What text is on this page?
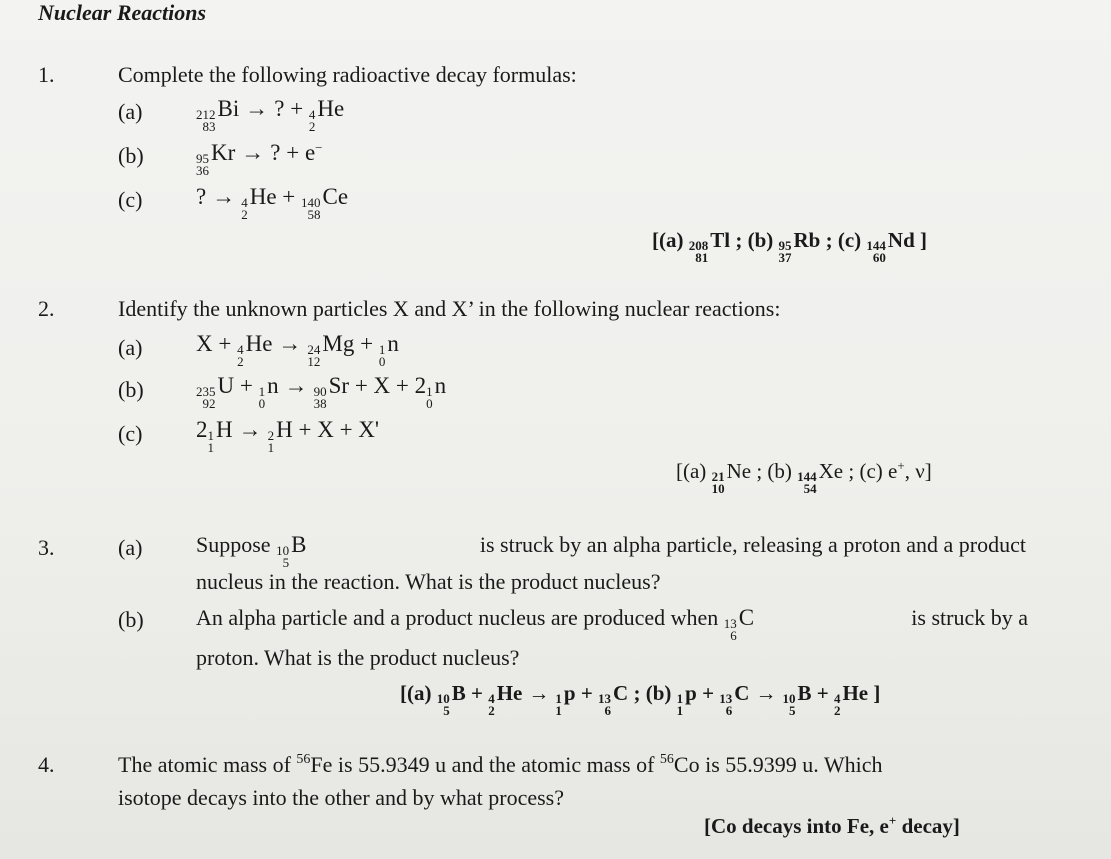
Nuclear Reactions
1.	Complete the following radioactive decay formulas:
(a)	212
83
Bi → ? + 4
2
He
(b)	95
36
Kr → ? + e−
(c) ? → 4
2
He + 140
58
Ce
[(a) 208
81
Tl ; (b) 95
37
Rb ; (c) 144
60
Nd ]
2.	Identify the unknown particles X and X’ in the following nuclear reactions:
(a) X + 4
2
He → 24
12
Mg + 1
0
n
(b)	235
92
U + 1
0
n → 90
38
Sr + X + 2 1
0
n
(c) 2 1
1
H → 2
1
H + X + X'
[(a) 21
10
Ne ; (b) 144
54
Xe ; (c) e+, ν]
3.	(a) Suppose 10
5
B	is struck by an alpha particle, releasing a proton and a product
nucleus in the reaction. What is the product nucleus?
(b) An alpha particle and a product nucleus are produced when 13
6
C	is struck by a
proton. What is the product nucleus?
[(a) 10
5
B + 4
2
He → 1
1
p + 13
6
C ; (b) 1
1
p + 13
6
C → 10
5
B + 4
2
He ]
4.	The atomic mass of $^{56}$Fe is 55.9349 u and the atomic mass of $^{56}$Co is 55.9399 u. Which
isotope decays into the other and by what process?
[Co decays into Fe, e+ decay]
